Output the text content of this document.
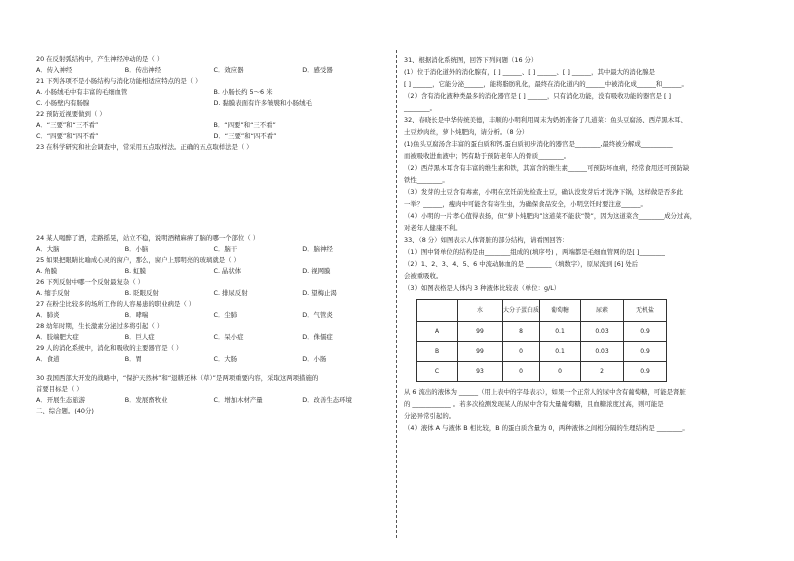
20 在反射弧结构中，产生神经冲动的是（ ）
A．传入神经	B．传出神经	C．效应器	D．感受器
21 下列各项不是小肠结构与消化功能相适应特点的是（ ）
A. 小肠绒毛中有丰富的毛细血管	B. 小肠长约 5～6 米
C. 小肠壁内有肠腺	D. 黏膜表面有许多皱襞和小肠绒毛
22 预防近视要做到（ ）
A．“三要”和“三不看”	B．“四要”和“三不看”
C．“四要”和“四不看”	D．“三要”和“四不看”
23 在科学研究和社会调查中，常采用五点取样法。正确的五点取样法是（ ）
24 某人喝醉了酒，走路摇晃，站立不稳，说明酒精麻痹了脑的哪一个部位（ ）
A．大脑	B．小脑	C．脑干	D．脑神经
25 如果把眼睛比喻成心灵的窗户，那么，窗户上那明亮的玻璃就是（ ）
A. 角膜	B. 虹膜	C. 晶状体	D. 视网膜
26 下列反射中哪一个反射最复杂（ ）
A. 缩手反射	B. 眨眼反射	C. 排尿反射	D. 望梅止渴
27 在粉尘比较多的场所工作的人容易患的职业病是（ ）
A．肺炎	B．哮喘	C．尘肺	D．气管炎
28 幼年时期，生长激素分泌过多将引起（ ）
A．肢端肥大症	B．巨人症	C．呆小症	D．侏儒症
29 人的消化系统中，消化和吸收的主要器官是（ ）
A．食道	B．胃	C．大肠	D．小肠
30 我国西部大开发的战略中，“保护天然林”和“退耕还林（草）”是两项重要内容，采取这两项措施的
首要目标是（ ）
A．开展生态旅游	B．发展畜牧业	C．增加木材产量	D．改善生态环境
二、综合题。(40分)
31、根据消化系统图，回答下列问题（16 分）
(1）位于消化道外的消化腺有，[ ] ______、[ ] ______、[ ] ______，其中最大的消化腺是
[ ] ______，它能分泌______，能将脂肪乳化，最终在消化道内的______中被消化成______和______。
（2）含有消化液种类最多的消化器官是 [ ] ______，只有消化功能，没有吸收功能的器官是 [ ]
________。
32、春晓长是中华传统美德，丰顺的小明利用周末为奶奶准备了几道菜：鱼头豆腐汤、西芹黑木耳、
土豆炒肉丝，萝卜炖肥肉，请分析。（8 分）
(1)鱼头豆腐汤含丰富的蛋白质和钙,蛋白质初步消化的器官是________,最终被分解成__________
而被吸收进血液中；钙有助于预防老年人的骨质________。
（2）西芹黑木耳含有丰富的维生素和铁，其富含的维生素______可预防坏血病，经常食用还可预防缺
铁性________。
（3）发芽的土豆含有毒素，小明在烹饪前先检查土豆，确认没发芽后才洗净下锅，这样做是否多此
一举？______，瘦肉中可能含有寄生虫，为确保食品安全，小明烹饪时要注意______。
（4）小明的一片孝心值得表扬，但“萝卜炖肥肉”这道菜不能获“赞”，因为这道菜含________成分过高，
对老年人健康不利。
33、（8 分）如图表示人体肾脏的部分结构，请看图回答：
（1）图中肾单位的结构是由________组成的(填序号) ，两端都是毛细血管网的是[ ]________
（2）1、2、3、4、5、6 中流动脉血的是 ________（填数字），原尿流到 [6] 处后
会被重吸收。
（3）如图表格是人体内 3 种液体比较表（单位：g/L）
	水	大分子蛋白质	葡萄糖	尿素	无机盐
A	99	8	0.1	0.03	0.9
B	99	0	0.1	0.03	0.9
C	93	0	0	2	0.9
从 6 流出的液体为 ______（用上表中的字母表示），如果一个正常人的尿中含有葡萄糖，可能是肾脏
的 ____________ 。若多次检测发现某人的尿中含有大量葡萄糖，且血糖浓度过高，则可能是
分泌异常引起的。
（4）液体 A 与液体 B 相比较，B 的蛋白质含量为 0，两种液体之间相分隔的生理结构是 ________。
